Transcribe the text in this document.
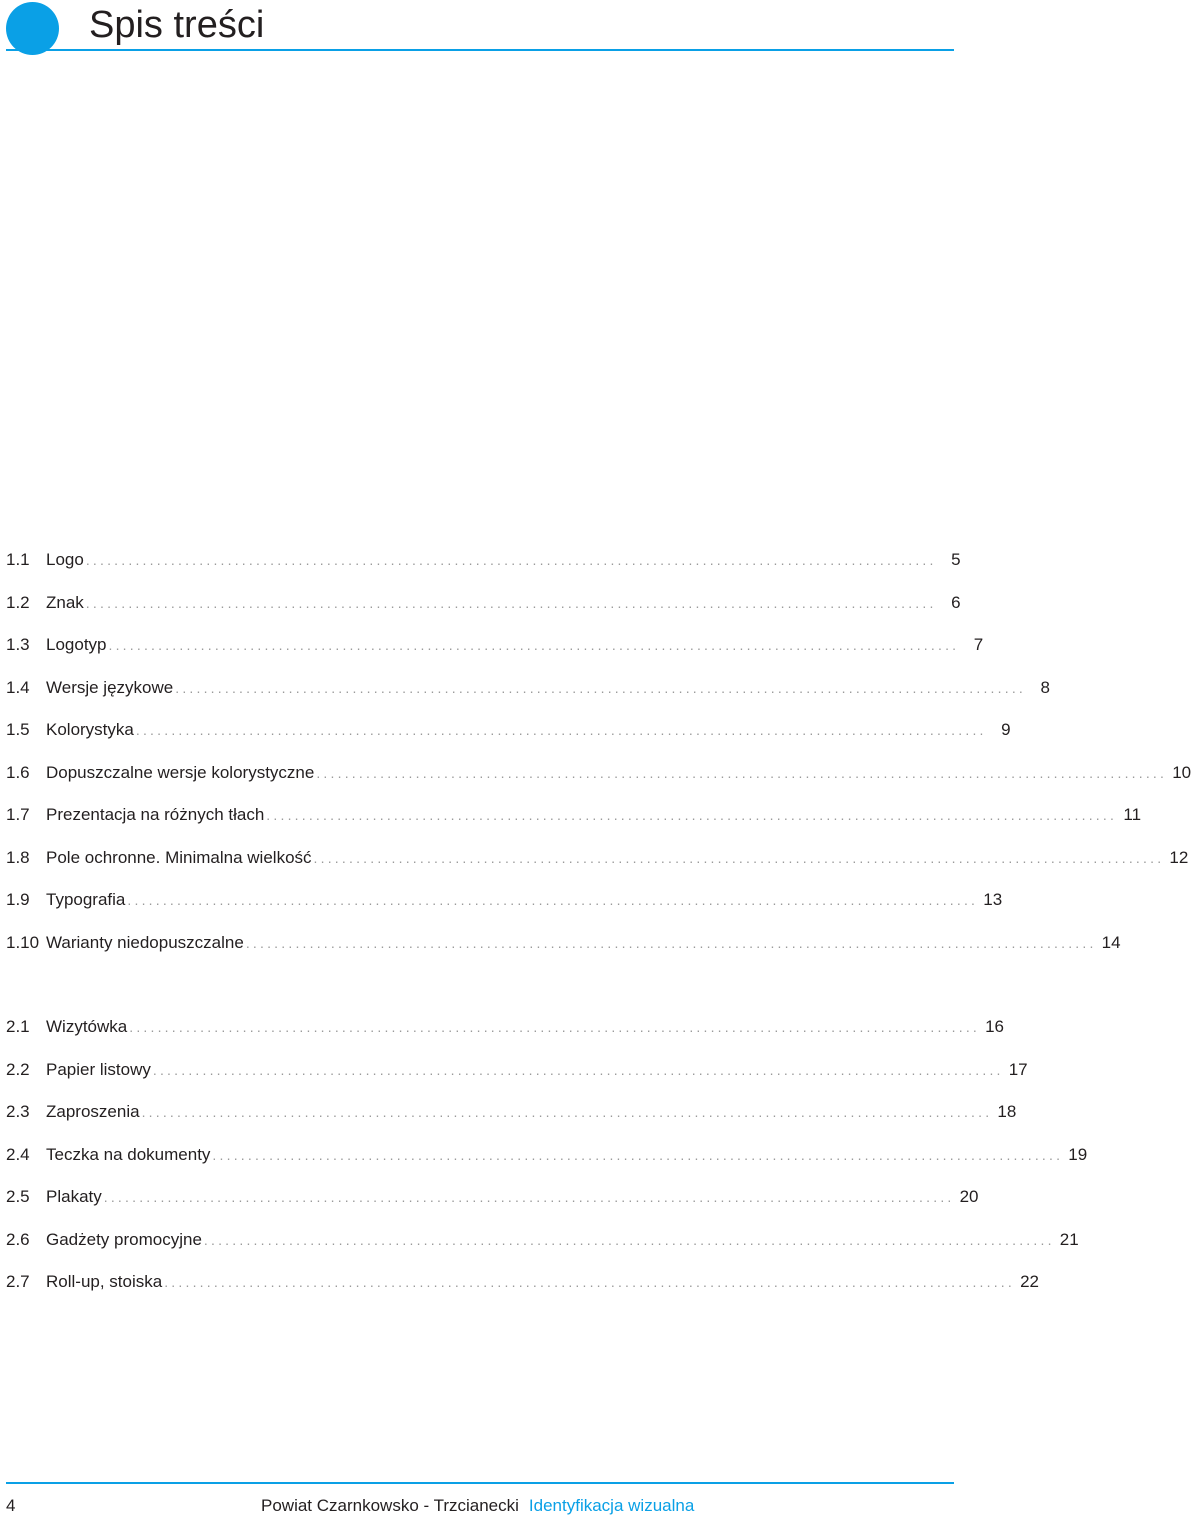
Spis treści
1.1 Logo ........................................................................................................................ 5
1.2 Znak ........................................................................................................................ 6
1.3 Logotyp ........................................................................................................................ 7
1.4 Wersje językowe ........................................................................................................................ 8
1.5 Kolorystyka ........................................................................................................................ 9
1.6 Dopuszczalne wersje kolorystyczne ........................................................................................................................ 10
1.7 Prezentacja na różnych tłach ........................................................................................................................ 11
1.8 Pole ochronne. Minimalna wielkość ........................................................................................................................ 12
1.9 Typografia ........................................................................................................................ 13
1.10 Warianty niedopuszczalne ........................................................................................................................ 14
2.1 Wizytówka ........................................................................................................................ 16
2.2 Papier listowy ........................................................................................................................ 17
2.3 Zaproszenia ........................................................................................................................ 18
2.4 Teczka na dokumenty ........................................................................................................................ 19
2.5 Plakaty ........................................................................................................................ 20
2.6 Gadżety promocyjne ........................................................................................................................ 21
2.7 Roll-up, stoiska ........................................................................................................................ 22
4	Powiat Czarnkowsko - Trzcianecki Identyfikacja wizualna
